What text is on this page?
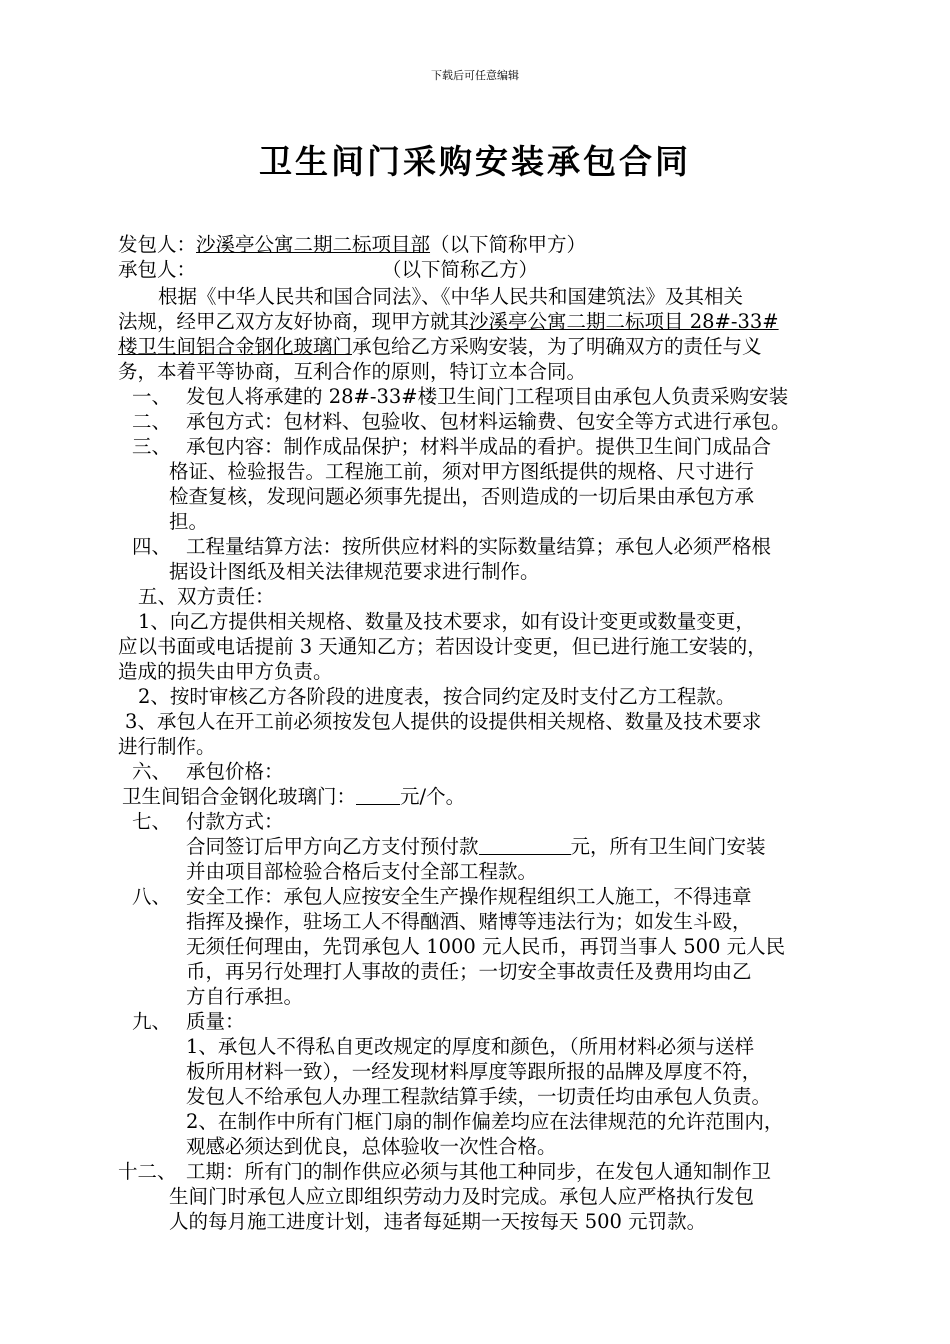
下载后可任意编辑
卫生间门采购安装承包合同
发包人：沙溪亭公寓二期二标项目部（以下简称甲方）
承包人：	（以下简称乙方）
根据《中华人民共和国合同法》、《中华人民共和国建筑法》及其相关
法规，经甲乙双方友好协商，现甲方就其沙溪亭公寓二期二标项目 28#-33#
楼卫生间铝合金钢化玻璃门承包给乙方采购安装，为了明确双方的责任与义
务，本着平等协商，互利合作的原则，特订立本合同。
一、 发包人将承建的 28#-33#楼卫生间门工程项目由承包人负责采购安装
二、 承包方式：包材料、包验收、包材料运输费、包安全等方式进行承包。
三、 承包内容：制作成品保护；材料半成品的看护。提供卫生间门成品合
格证、检验报告。工程施工前，须对甲方图纸提供的规格、尺寸进行
检查复核，发现问题必须事先提出，否则造成的一切后果由承包方承
担。
四、 工程量结算方法：按所供应材料的实际数量结算；承包人必须严格根
据设计图纸及相关法律规范要求进行制作。
五、双方责任：
1、向乙方提供相关规格、数量及技术要求，如有设计变更或数量变更，
应以书面或电话提前 3 天通知乙方；若因设计变更，但已进行施工安装的，
造成的损失由甲方负责。
2、按时审核乙方各阶段的进度表，按合同约定及时支付乙方工程款。
3、承包人在开工前必须按发包人提供的设提供相关规格、数量及技术要求
进行制作。
六、 承包价格：
卫生间铝合金钢化玻璃门： 元/个。
七、 付款方式：
合同签订后甲方向乙方支付预付款	元，所有卫生间门安装
并由项目部检验合格后支付全部工程款。
八、 安全工作：承包人应按安全生产操作规程组织工人施工，不得违章
指挥及操作，驻场工人不得酗酒、赌博等违法行为；如发生斗殴，
无须任何理由，先罚承包人 1000 元人民币，再罚当事人 500 元人民
币，再另行处理打人事故的责任；一切安全事故责任及费用均由乙
方自行承担。
九、 质量：
1、承包人不得私自更改规定的厚度和颜色，（所用材料必须与送样
板所用材料一致），一经发现材料厚度等跟所报的品牌及厚度不符，
发包人不给承包人办理工程款结算手续，一切责任均由承包人负责。
2、在制作中所有门框门扇的制作偏差均应在法律规范的允许范围内，
观感必须达到优良，总体验收一次性合格。
十二、 工期：所有门的制作供应必须与其他工种同步，在发包人通知制作卫
生间门时承包人应立即组织劳动力及时完成。承包人应严格执行发包
人的每月施工进度计划，违者每延期一天按每天 500 元罚款。
